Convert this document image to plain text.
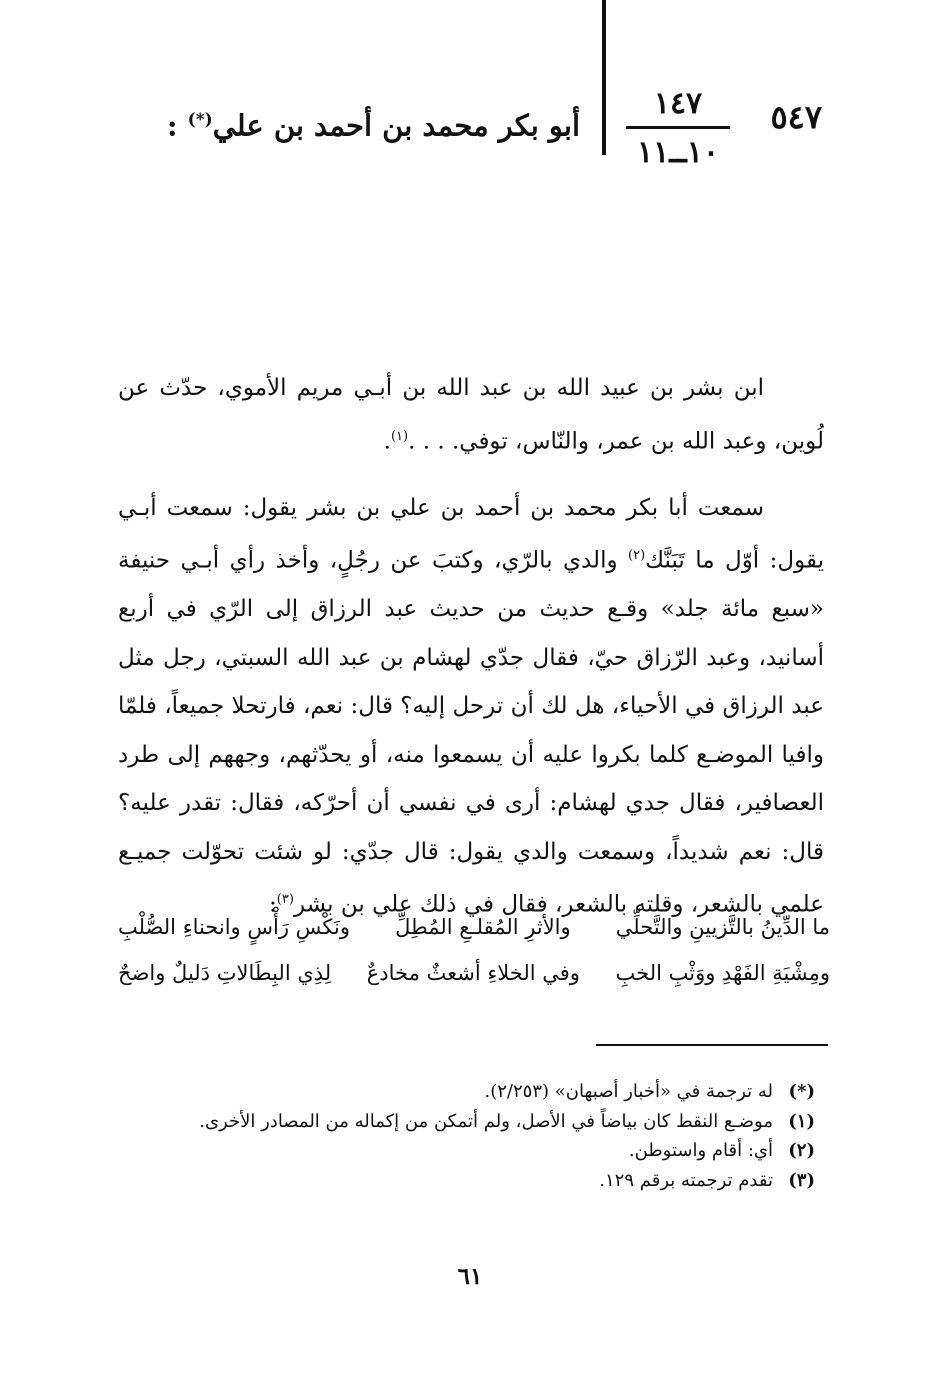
٥٤٧
١٤٧
١٠ــ١١
أبو بكر محمد بن أحمد بن علي(*) :

ابن بشر بن عبيد الله بن عبد الله بن أبـي مريم الأموي، حدّث عن لُوين، وعبد الله بن عمر، والنّاس، توفي. . . .$^{(١)}$.

سمعت أبا بكر محمد بن أحمد بن علي بن بشر يقول: سمعت أبـي يقول: أوّل ما تَبَنَّك$^{(٢)}$ والدي بالرّي، وكتبَ عن رجُلٍ، وأخذ رأي أبـي حنيفة «سبع مائة جلد» وقـع حديث من حديث عبد الرزاق إلى الرّي في أربع أسانيد، وعبد الرّزاق حيّ، فقال جدّي لهشام بن عبد الله السبتي، رجل مثل عبد الرزاق في الأحياء، هل لك أن ترحل إليه؟ قال: نعم، فارتحلا جميعاً، فلمّا وافيا الموضـع كلما بكروا عليه أن يسمعوا منه، أو يحدّثهم، وجههم إلى طرد العصافير، فقال جدي لهشام: أرى في نفسي أن أحرّكه، فقال: تقدر عليه؟ قال: نعم شديداً، وسمعت والدي يقول: قال جدّي: لو شئت تحوّلت جميـع علمي بالشعر، وقلته بالشعر، فقال في ذلك علي بن بشر$^{(٣)}$:

ما الدِّينُ بالتَّزيينِ والتَّحلِّي
والأثرِ المُقلـعِ المُطِلِّ
ونَكْسِ رَأْسٍ وانحناءِ الصُّلْبِ
ومِشْيَةِ الفَهْدِ ووَثْبِ الخبِ
وفي الخلاءِ أشعثٌ مخادعٌ
لِذِي البِطَالاتِ دَليلٌ واضحٌ
(*)له ترجمة في «أخبار أصبهان» (٢/٢٥٣).
(١)موضـع النقط كان بياضاً في الأصل، ولم أتمكن من إكماله من المصادر الأخرى.
(٢)أي: أقام واستوطن.
(٣)تقدم ترجمته برقم ١٢٩.
٦١
